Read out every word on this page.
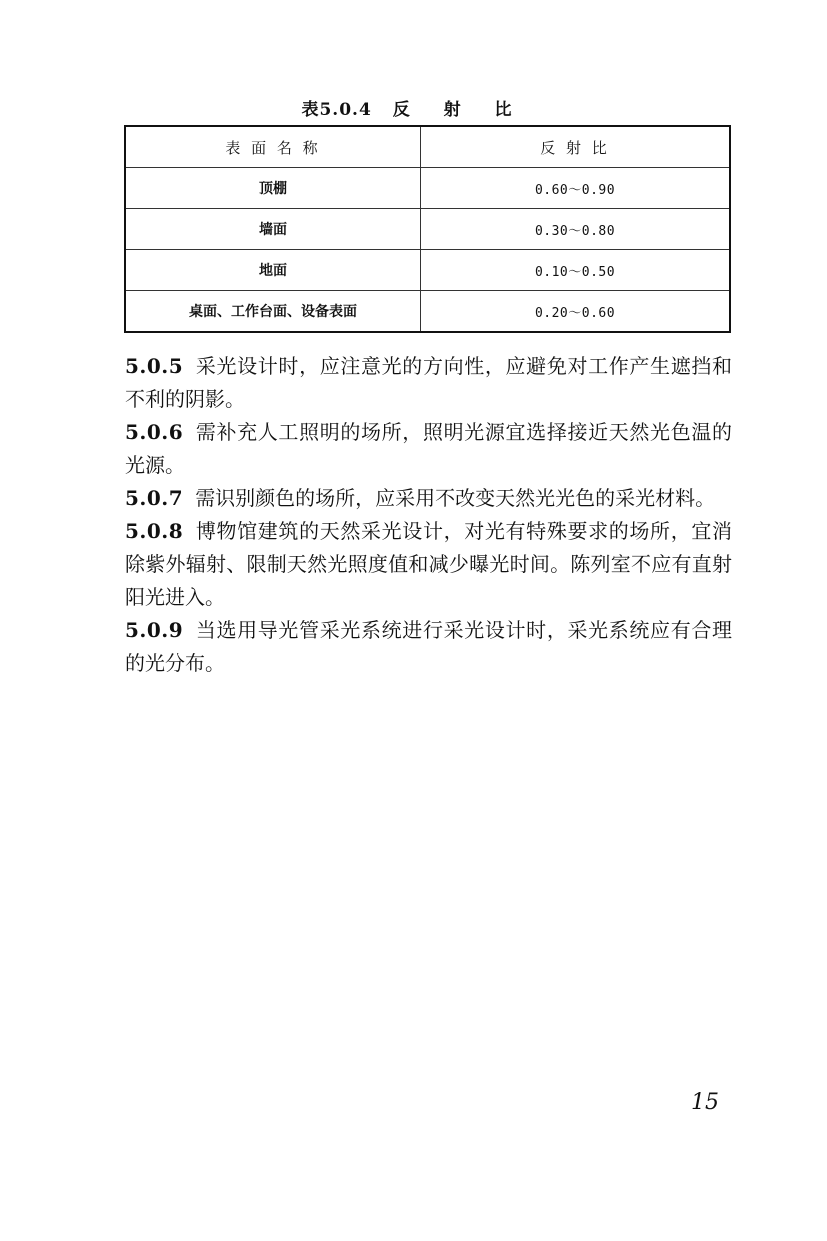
表5.0.4 反 射 比
表 面 名 称	反 射 比
顶棚	0.60～0.90
墙面	0.30～0.80
地面	0.10～0.50
桌面、工作台面、设备表面	0.20～0.60

5.0.5 采光设计时，应注意光的方向性，应避免对工作产生遮挡和不利的阴影。

5.0.6 需补充人工照明的场所，照明光源宜选择接近天然光色温的光源。

5.0.7 需识别颜色的场所，应采用不改变天然光光色的采光材料。

5.0.8 博物馆建筑的天然采光设计，对光有特殊要求的场所，宜消除紫外辐射、限制天然光照度值和减少曝光时间。陈列室不应有直射阳光进入。

5.0.9 当选用导光管采光系统进行采光设计时，采光系统应有合理的光分布。

15
